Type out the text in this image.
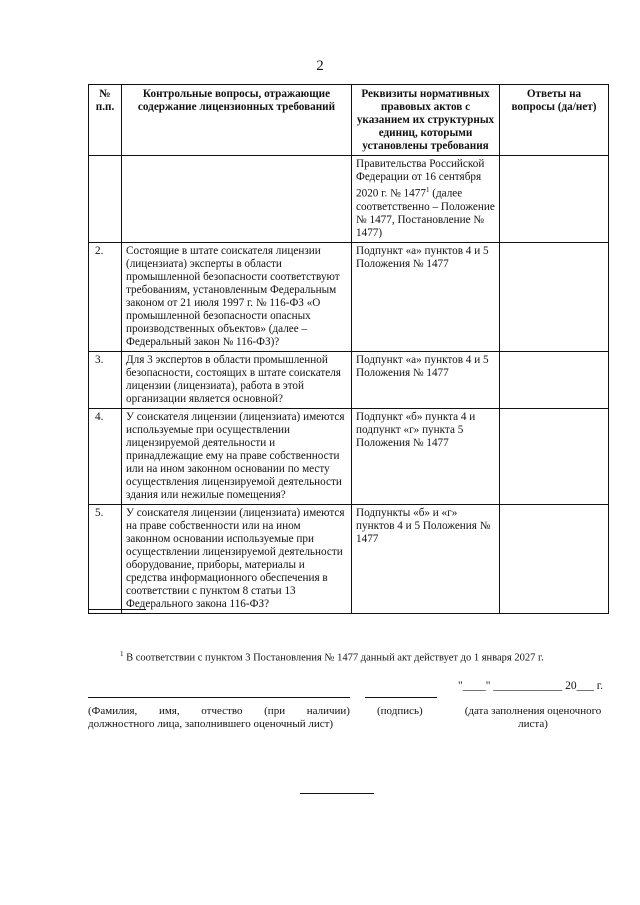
2
№ п.п.	Контрольные вопросы, отражающие содержание лицензионных требований	Реквизиты нормативных правовых актов с указанием их структурных единиц, которыми установлены требования	Ответы на вопросы (да/нет)
		Правительства Российской Федерации от 16 сентября 2020 г. № 1477$^1$ (далее соответственно – Положение № 1477, Постановление № 1477)	
2.	Состоящие в штате соискателя лицензии (лицензиата) эксперты в области промышленной безопасности соответствуют требованиям, установленным Федеральным законом от 21 июля 1997 г. № 116-ФЗ «О промышленной безопасности опасных производственных объектов» (далее – Федеральный закон № 116-ФЗ)?	Подпункт «а» пунктов 4 и 5 Положения № 1477	
3.	Для 3 экспертов в области промышленной безопасности, состоящих в штате соискателя лицензии (лицензиата), работа в этой организации является основной?	Подпункт «а» пунктов 4 и 5 Положения № 1477	
4.	У соискателя лицензии (лицензиата) имеются используемые при осуществлении лицензируемой деятельности и принадлежащие ему на праве собственности или на ином законном основании по месту осуществления лицензируемой деятельности здания или нежилые помещения?	Подпункт «б» пункта 4 и подпункт «г» пункта 5 Положения № 1477	
5.	У соискателя лицензии (лицензиата) имеются на праве собственности или на ином законном основании используемые при осуществлении лицензируемой деятельности оборудование, приборы, материалы и средства информационного обеспечения в соответствии с пунктом 8 статьи 13 Федерального закона 116-ФЗ?	Подпункты «б» и «г» пунктов 4 и 5 Положения № 1477	
$^1$ В соответствии с пунктом 3 Постановления № 1477 данный акт действует до 1 января 2027 г.
"____" ____________ 20___ г.
(Фамилия, имя, отчество (при наличии)
должностного лица, заполнившего оценочный лист)
(подпись)	(дата заполнения оценочного листа)
